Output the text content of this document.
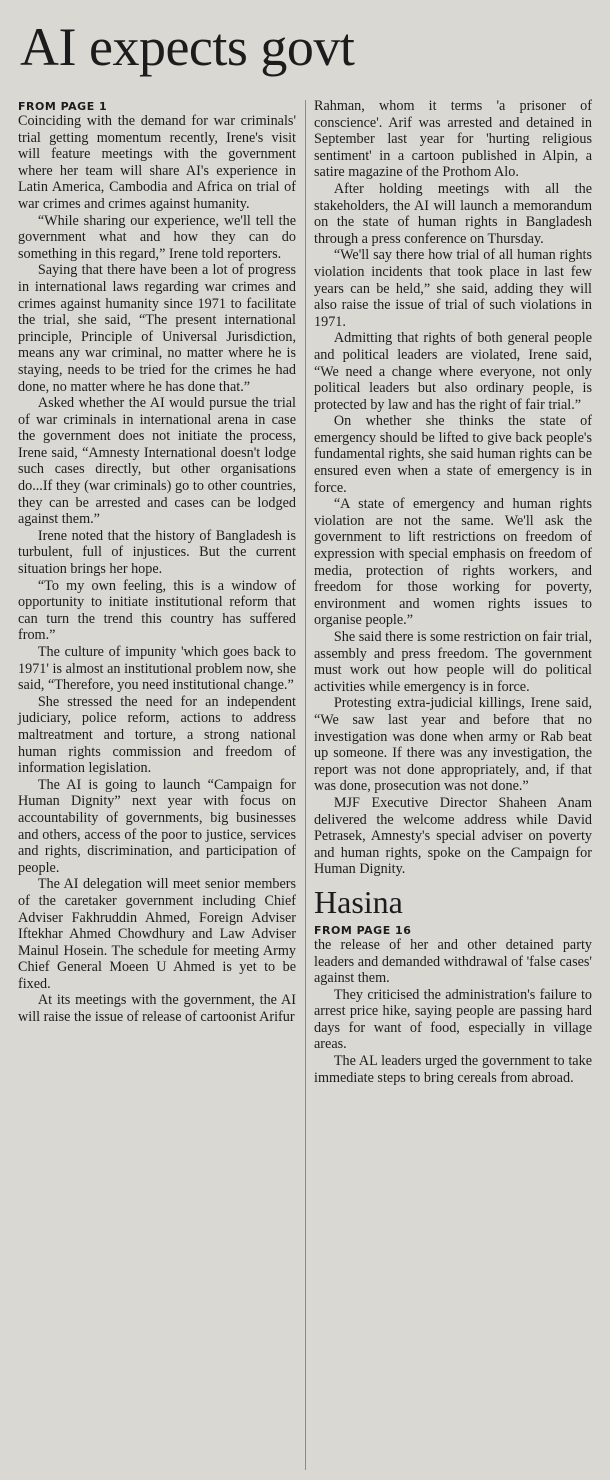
AI expects govt
FROM PAGE 1

Coinciding with the demand for war criminals' trial getting momentum recently, Irene's visit will feature meetings with the government where her team will share AI's experience in Latin America, Cambodia and Africa on trial of war crimes and crimes against humanity.

“While sharing our experience, we'll tell the government what and how they can do something in this regard,” Irene told reporters.

Saying that there have been a lot of progress in international laws regarding war crimes and crimes against humanity since 1971 to facilitate the trial, she said, “The present international principle, Principle of Universal Jurisdiction, means any war criminal, no matter where he is staying, needs to be tried for the crimes he had done, no matter where he has done that.”

Asked whether the AI would pursue the trial of war criminals in international arena in case the government does not initiate the process, Irene said, “Amnesty International doesn't lodge such cases directly, but other organisations do...If they (war criminals) go to other countries, they can be arrested and cases can be lodged against them.”

Irene noted that the history of Bangladesh is turbulent, full of injustices. But the current situation brings her hope.

“To my own feeling, this is a window of opportunity to initiate institutional reform that can turn the trend this country has suffered from.”

The culture of impunity 'which goes back to 1971' is almost an institutional problem now, she said, “Therefore, you need institutional change.”

She stressed the need for an independent judiciary, police reform, actions to address maltreatment and torture, a strong national human rights commission and freedom of information legislation.

The AI is going to launch “Campaign for Human Dignity” next year with focus on accountability of governments, big businesses and others, access of the poor to justice, services and rights, discrimination, and participation of people.

The AI delegation will meet senior members of the caretaker government including Chief Adviser Fakhruddin Ahmed, Foreign Adviser Iftekhar Ahmed Chowdhury and Law Adviser Mainul Hosein. The schedule for meeting Army Chief General Moeen U Ahmed is yet to be fixed.

At its meetings with the government, the AI will raise the issue of release of cartoonist Arifur

Rahman, whom it terms 'a prisoner of conscience'. Arif was arrested and detained in September last year for 'hurting religious sentiment' in a cartoon published in Alpin, a satire magazine of the Prothom Alo.

After holding meetings with all the stakeholders, the AI will launch a memorandum on the state of human rights in Bangladesh through a press conference on Thursday.

“We'll say there how trial of all human rights violation incidents that took place in last few years can be held,” she said, adding they will also raise the issue of trial of such violations in 1971.

Admitting that rights of both general people and political leaders are violated, Irene said, “We need a change where everyone, not only political leaders but also ordinary people, is protected by law and has the right of fair trial.”

On whether she thinks the state of emergency should be lifted to give back people's fundamental rights, she said human rights can be ensured even when a state of emergency is in force.

“A state of emergency and human rights violation are not the same. We'll ask the government to lift restrictions on freedom of expression with special emphasis on freedom of media, protection of rights workers, and freedom for those working for poverty, environment and women rights issues to organise people.”

She said there is some restriction on fair trial, assembly and press freedom. The government must work out how people will do political activities while emergency is in force.

Protesting extra-judicial killings, Irene said, “We saw last year and before that no investigation was done when army or Rab beat up someone. If there was any investigation, the report was not done appropriately, and, if that was done, prosecution was not done.”

MJF Executive Director Shaheen Anam delivered the welcome address while David Petrasek, Amnesty's special adviser on poverty and human rights, spoke on the Campaign for Human Dignity.

Hasina
FROM PAGE 16

the release of her and other detained party leaders and demanded withdrawal of 'false cases' against them.

They criticised the administration's failure to arrest price hike, saying people are passing hard days for want of food, especially in village areas.

The AL leaders urged the government to take immediate steps to bring cereals from abroad.
